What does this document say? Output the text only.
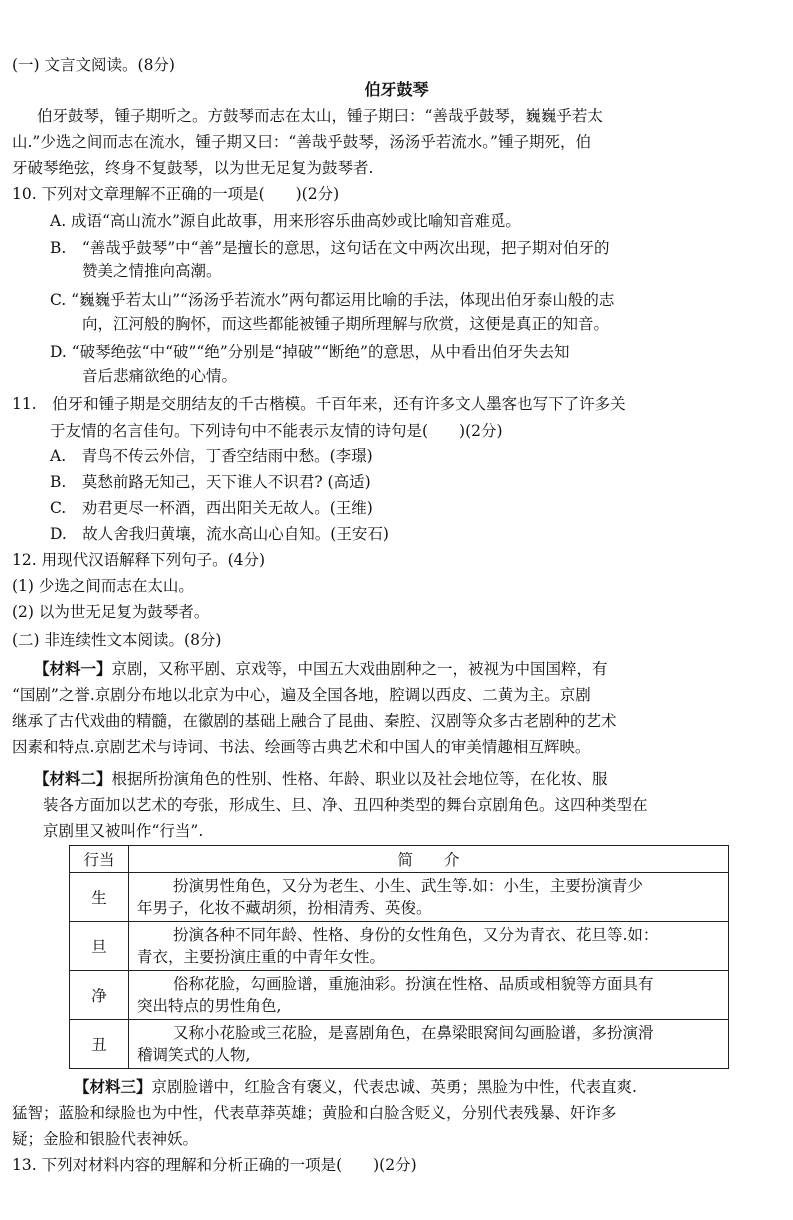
(一) 文言文阅读。(8分)
伯牙鼓琴
伯牙鼓琴，锺子期听之。方鼓琴而志在太山，锺子期曰：“善哉乎鼓琴，巍巍乎若太
山.”少选之间而志在流水，锺子期又曰：“善哉乎鼓琴，汤汤乎若流水。”锺子期死，伯
牙破琴绝弦，终身不复鼓琴，以为世无足复为鼓琴者.
10. 下列对文章理解不正确的一项是(　　)(2分)
A. 成语“高山流水”源自此故事，用来形容乐曲高妙或比喻知音难觅。
B.　“善哉乎鼓琴”中“善”是擅长的意思，这句话在文中两次出现，把子期对伯牙的
赞美之情推向高潮。
C. “巍巍乎若太山”“汤汤乎若流水”两句都运用比喻的手法，体现出伯牙泰山般的志
向，江河般的胸怀，而这些都能被锺子期所理解与欣赏，这便是真正的知音。
D. “破琴绝弦“中“破”“绝”分别是“掉破”“断绝”的意思，从中看出伯牙失去知
音后悲痛欲绝的心情。
11.　伯牙和锺子期是交朋结友的千古楷模。千百年来，还有许多文人墨客也写下了许多关
于友情的名言佳句。下列诗句中不能表示友情的诗句是(　　)(2分)
A.　青鸟不传云外信，丁香空结雨中愁。(李璟)
B.　莫愁前路无知己，天下谁人不识君? (高适)
C.　劝君更尽一杯酒，西出阳关无故人。(王维)
D.　故人舍我归黄壤，流水高山心自知。(王安石)
12. 用现代汉语解释下列句子。(4分)
(1) 少选之间而志在太山。
(2) 以为世无足复为鼓琴者。
(二) 非连续性文本阅读。(8分)
【材料一】京剧，又称平剧、京戏等，中国五大戏曲剧种之一，被视为中国国粹，有
“国剧”之誉.京剧分布地以北京为中心，遍及全国各地，腔调以西皮、二黄为主。京剧
继承了古代戏曲的精髓，在徽剧的基础上融合了昆曲、秦腔、汉剧等众多古老剧种的艺术
因素和特点.京剧艺术与诗词、书法、绘画等古典艺术和中国人的审美情趣相互辉映。
【材料二】根据所扮演角色的性别、性格、年龄、职业以及社会地位等，在化妆、服
装各方面加以艺术的夸张，形成生、旦、净、丑四种类型的舞台京剧角色。这四种类型在
京剧里又被叫作“行当”.
行当	简　　介
生	扮演男性角色，又分为老生、小生、武生等.如：小生，主要扮演青少
年男子，化妆不藏胡须，扮相清秀、英俊。
旦	扮演各种不同年龄、性格、身份的女性角色，又分为青衣、花旦等.如：
青衣，主要扮演庄重的中青年女性。
净	俗称花脸，勾画脸谱，重施油彩。扮演在性格、品质或相貌等方面具有
突出特点的男性角色,
丑	又称小花脸或三花脸，是喜剧角色，在鼻梁眼窝间勾画脸谱，多扮演滑
稽调笑式的人物,
【材料三】京剧脸谱中，红脸含有褒义，代表忠诚、英勇；黑脸为中性，代表直爽.
猛智；蓝脸和绿脸也为中性，代表草莽英雄；黄脸和白脸含贬义，分别代表残暴、奸诈多
疑；金脸和银脸代表神妖。
13. 下列对材料内容的理解和分析正确的一项是(　　)(2分)
